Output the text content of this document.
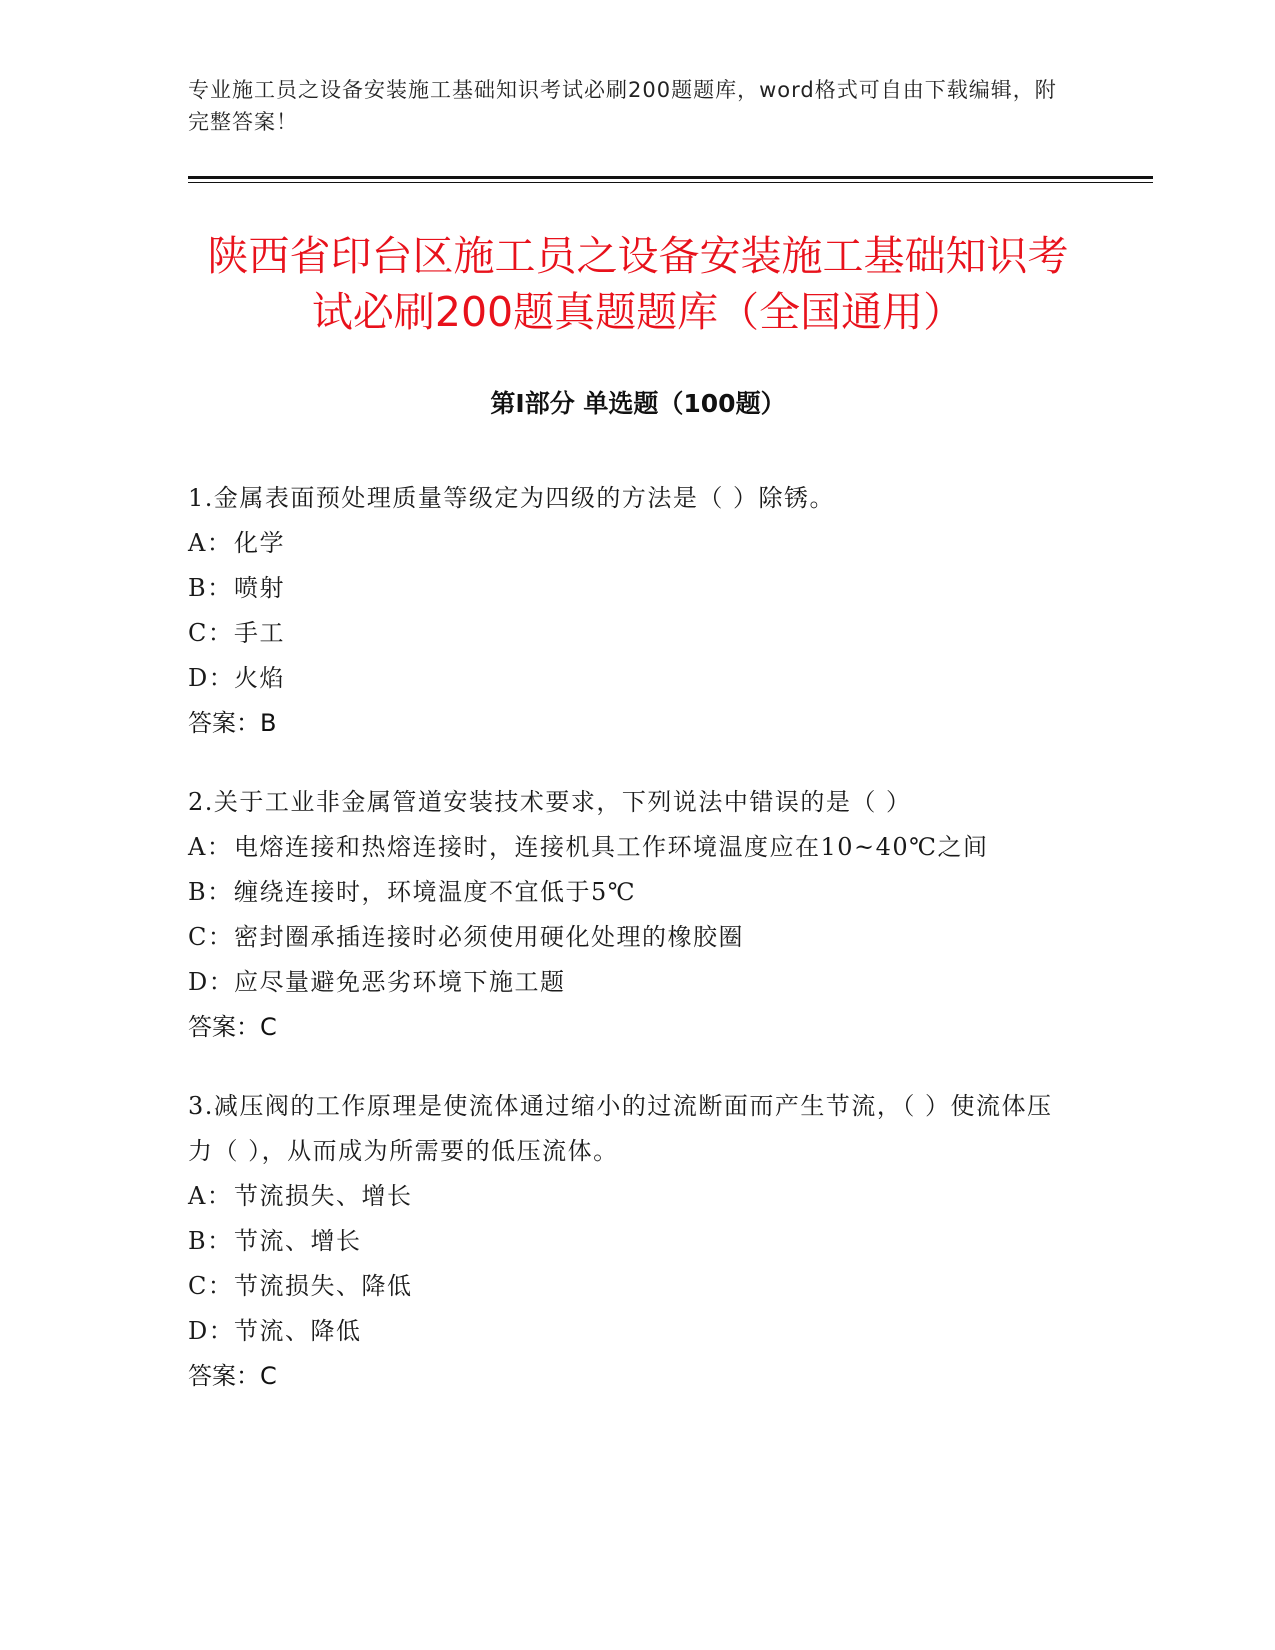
专业施工员之设备安装施工基础知识考试必刷200题题库，word格式可自由下载编辑，附完整答案！
陕西省印台区施工员之设备安装施工基础知识考试必刷200题真题题库（全国通用）
第Ⅰ部分 单选题（100题）
1.金属表面预处理质量等级定为四级的方法是（ ）除锈。
A：化学
B：喷射
C：手工
D：火焰
答案：B
2.关于工业非金属管道安装技术要求，下列说法中错误的是（ ）
A：电熔连接和热熔连接时，连接机具工作环境温度应在10~40℃之间
B：缠绕连接时，环境温度不宜低于5℃
C：密封圈承插连接时必须使用硬化处理的橡胶圈
D：应尽量避免恶劣环境下施工题
答案：C
3.减压阀的工作原理是使流体通过缩小的过流断面而产生节流，（ ）使流体压力（ ），从而成为所需要的低压流体。
A：节流损失、增长
B：节流、增长
C：节流损失、降低
D：节流、降低
答案：C
